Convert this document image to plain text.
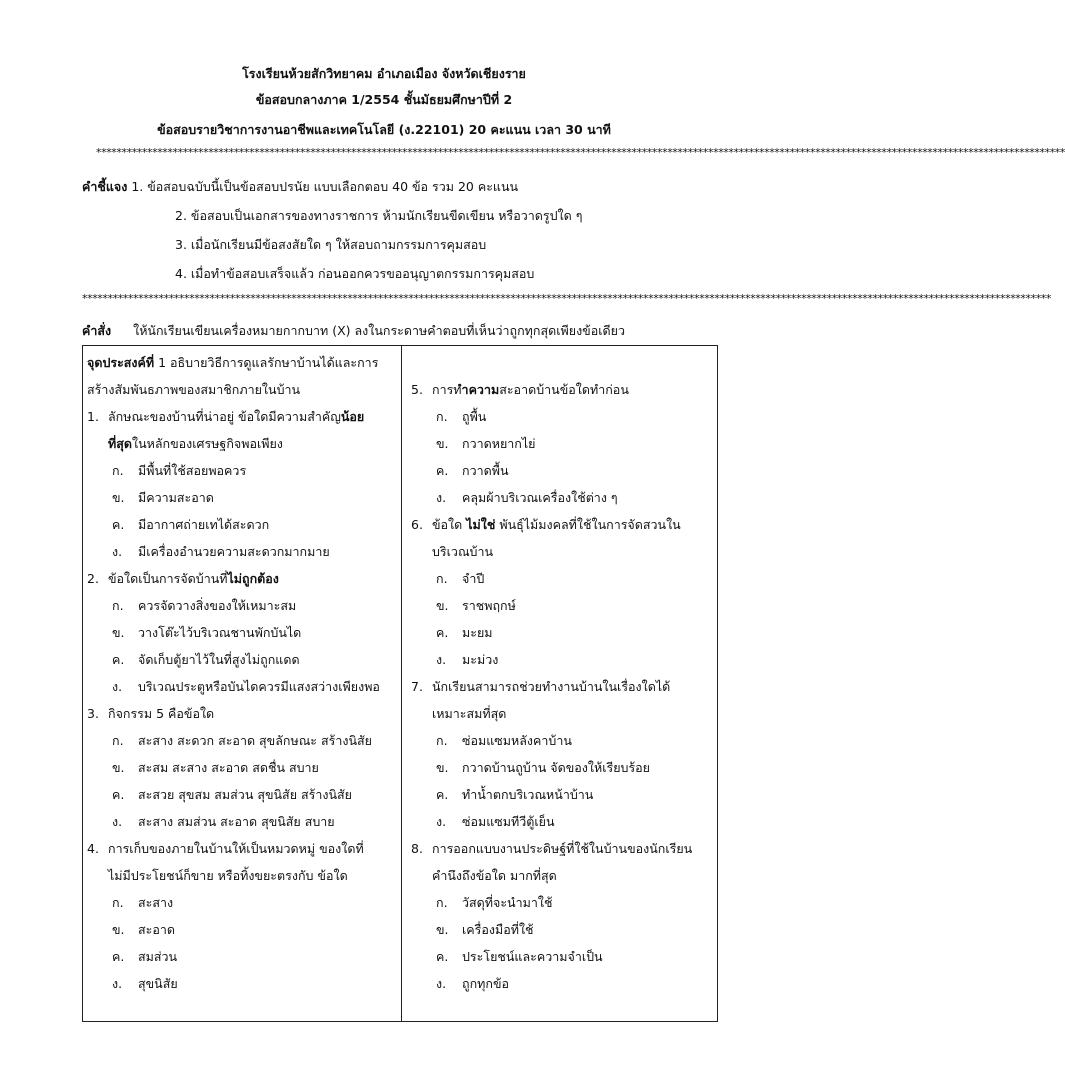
โรงเรียนห้วยสักวิทยาคม อำเภอเมือง จังหวัดเชียงราย
ข้อสอบกลางภาค 1/2554 ชั้นมัธยมศึกษาปีที่ 2
ข้อสอบรายวิชาการงานอาชีพและเทคโนโลยี (ง.22101) 20 คะแนน เวลา 30 นาที
**********************************************************************************************************************************************************************************************
คำชี้แจง 1. ข้อสอบฉบับนี้เป็นข้อสอบปรนัย แบบเลือกตอบ 40 ข้อ รวม 20 คะแนน
2. ข้อสอบเป็นเอกสารของทางราชการ ห้ามนักเรียนขีดเขียน หรือวาดรูปใด ๆ
3. เมื่อนักเรียนมีข้อสงสัยใด ๆ ให้สอบถามกรรมการคุมสอบ
4. เมื่อทำข้อสอบเสร็จแล้ว ก่อนออกควรขออนุญาตกรรมการคุมสอบ
**********************************************************************************************************************************************************************************************
คำสั่ง ให้นักเรียนเขียนเครื่องหมายกากบาท (X) ลงในกระดาษคำตอบที่เห็นว่าถูกทุกสุดเพียงข้อเดียว
จุดประสงค์ที่ 1 อธิบายวิธีการดูแลรักษาบ้านได้และการ
สร้างสัมพันธภาพของสมาชิกภายในบ้าน
1. ลักษณะของบ้านที่น่าอยู่ ข้อใดมีความสำคัญน้อย
ที่สุดในหลักของเศรษฐกิจพอเพียง
ก. มีพื้นที่ใช้สอยพอควร
ข. มีความสะอาด
ค. มีอากาศถ่ายเทได้สะดวก
ง. มีเครื่องอำนวยความสะดวกมากมาย
2. ข้อใดเป็นการจัดบ้านที่ไม่ถูกต้อง
ก. ควรจัดวางสิ่งของให้เหมาะสม
ข. วางโต๊ะไว้บริเวณชานพักบันได
ค. จัดเก็บตู้ยาไว้ในที่สูงไม่ถูกแดด
ง. บริเวณประตูหรือบันไดควรมีแสงสว่างเพียงพอ
3. กิจกรรม 5 คือข้อใด
ก. สะสาง สะดวก สะอาด สุขลักษณะ สร้างนิสัย
ข. สะสม สะสาง สะอาด สดชื่น สบาย
ค. สะสวย สุขสม สมส่วน สุขนิสัย สร้างนิสัย
ง. สะสาง สมส่วน สะอาด สุขนิสัย สบาย
4. การเก็บของภายในบ้านให้เป็นหมวดหมู่ ของใดที่
ไม่มีประโยชน์ก็ขาย หรือทิ้งขยะตรงกับ ข้อใด
ก. สะสาง
ข. สะอาด
ค. สมส่วน
ง. สุขนิสัย
5. การทำความสะอาดบ้านข้อใดทำก่อน
ก. ถูพื้น
ข. กวาดหยากไย่
ค. กวาดพื้น
ง. คลุมผ้าบริเวณเครื่องใช้ต่าง ๆ
6. ข้อใด ไม่ใช่ พันธุ์ไม้มงคลที่ใช้ในการจัดสวนใน
บริเวณบ้าน
ก. จำปี
ข. ราชพฤกษ์
ค. มะยม
ง. มะม่วง
7. นักเรียนสามารถช่วยทำงานบ้านในเรื่องใดได้
เหมาะสมที่สุด
ก. ซ่อมแซมหลังคาบ้าน
ข. กวาดบ้านถูบ้าน จัดของให้เรียบร้อย
ค. ทำน้ำตกบริเวณหน้าบ้าน
ง. ซ่อมแซมทีวีตู้เย็น
8. การออกแบบงานประดิษฐ์ที่ใช้ในบ้านของนักเรียน
คำนึงถึงข้อใด มากที่สุด
ก. วัสดุที่จะนำมาใช้
ข. เครื่องมือที่ใช้
ค. ประโยชน์และความจำเป็น
ง. ถูกทุกข้อ
